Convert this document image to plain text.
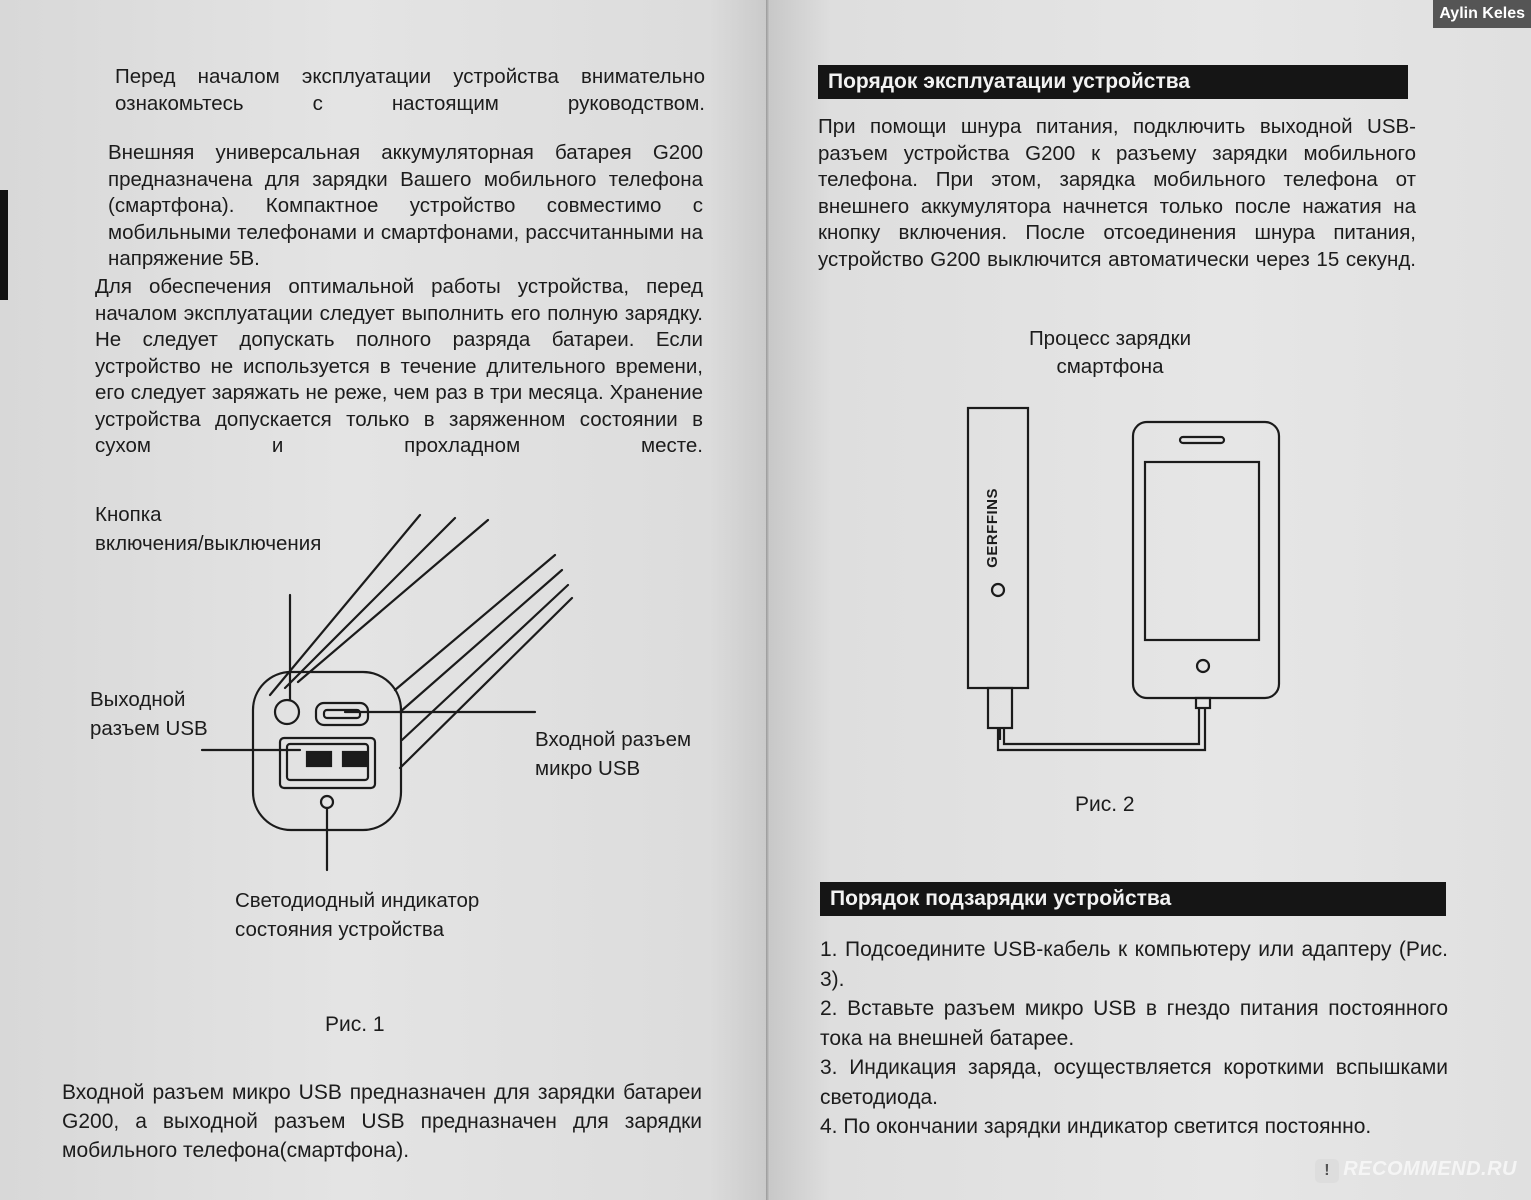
Перед началом эксплуатации устройства внимательно ознакомьтесь с настоящим руководством.

Внешняя универсальная аккумуляторная батарея G200 предназначена для зарядки Вашего мобильного телефона (смартфона). Компактное устройство совместимо с мобильными телефонами и смартфонами, рассчитанными на напряжение 5В.

Для обеспечения оптимальной работы устройства, перед началом эксплуатации следует выполнить его полную зарядку. Не следует допускать полного разряда батареи. Если устройство не используется в течение длительного времени, его следует заряжать не реже, чем раз в три месяца. Хранение устройства допускается только в заряженном состоянии в сухом и прохладном месте.

Кнопка
включения/выключения

Выходной
разъем USB	Входной разъем
микро USB

Светодиодный индикатор
состояния устройства

Рис. 1

Входной разъем микро USB предназначен для зарядки батареи G200, а выходной разъем USB предназначен для зарядки мобильного телефона(смартфона).

Порядок эксплуатации устройства

При помощи шнура питания, подключить выходной USB-разъем устройства G200 к разъему зарядки мобильного телефона. При этом, зарядка мобильного телефона от внешнего аккумулятора начнется только после нажатия на кнопку включения. После отсоединения шнура питания, устройство G200 выключится автоматически через 15 секунд.

Процесс зарядки
смартфона

GERFFINS

Рис. 2

Порядок подзарядки устройства
1. Подсоедините USB-кабель к компьютеру или адаптеру (Рис. 3).
2. Вставьте разъем микро USB в гнездо питания постоянного тока на внешней батарее.
3. Индикация заряда, осуществляется короткими вспышками светодиода.
4. По окончании зарядки индикатор светится постоянно.
Aylin Keles
! RECOMMEND.RU
